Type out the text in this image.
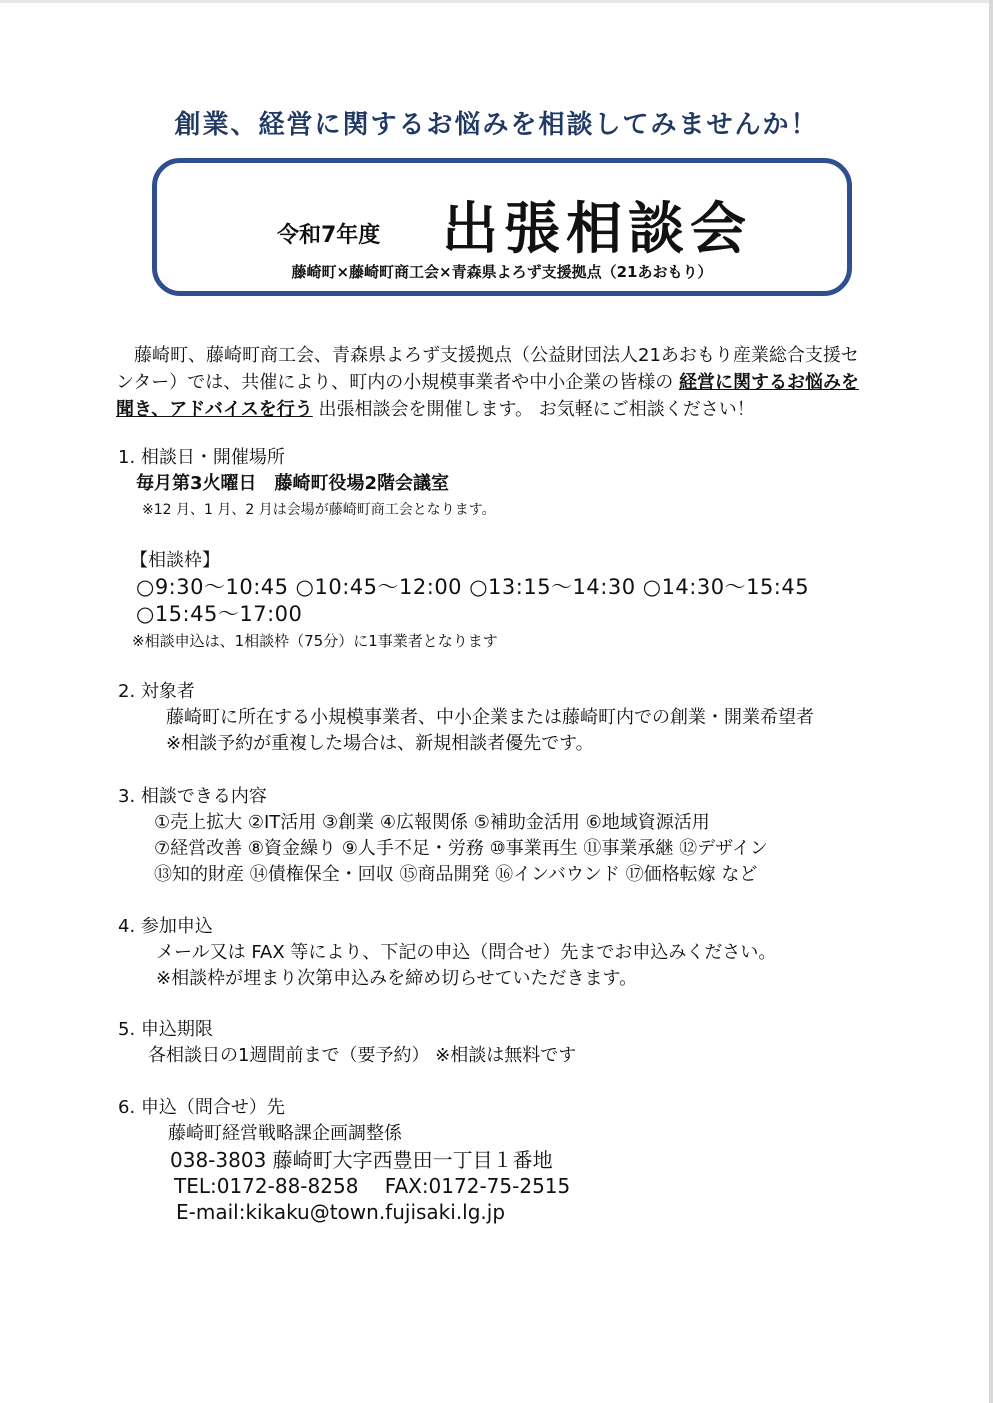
創業、経営に関するお悩みを相談してみませんか！
令和7年度 出張相談会
藤崎町×藤崎町商工会×青森県よろず支援拠点（21あおもり）
　藤崎町、藤崎町商工会、青森県よろず支援拠点（公益財団法人21あおもり産業総合支援センター）では、共催により、町内の小規模事業者や中小企業の皆様の 経営に関するお悩みを聞き、アドバイスを行う 出張相談会を開催します。 お気軽にご相談ください！
1. 相談日・開催場所
毎月第3火曜日　藤崎町役場2階会議室
※12 月、1 月、2 月は会場が藤崎町商工会となります。
【相談枠】
○9:30～10:45 ○10:45～12:00 ○13:15～14:30 ○14:30～15:45
○15:45～17:00
※相談申込は、1相談枠（75分）に1事業者となります
2. 対象者
藤崎町に所在する小規模事業者、中小企業または藤崎町内での創業・開業希望者
※相談予約が重複した場合は、新規相談者優先です。
3. 相談できる内容
①売上拡大 ②IT活用 ③創業 ④広報関係 ⑤補助金活用 ⑥地域資源活用
⑦経営改善 ⑧資金繰り ⑨人手不足・労務 ⑩事業再生 ⑪事業承継 ⑫デザイン
⑬知的財産 ⑭債権保全・回収 ⑮商品開発 ⑯インバウンド ⑰価格転嫁 など
4. 参加申込
メール又は FAX 等により、下記の申込（問合せ）先までお申込みください。
※相談枠が埋まり次第申込みを締め切らせていただきます。
5. 申込期限
各相談日の1週間前まで（要予約） ※相談は無料です
6. 申込（問合せ）先
藤崎町経営戦略課企画調整係
038-3803 藤崎町大字西豊田一丁目１番地
TEL:0172-88-8258　 FAX:0172-75-2515
E-mail:kikaku@town.fujisaki.lg.jp
